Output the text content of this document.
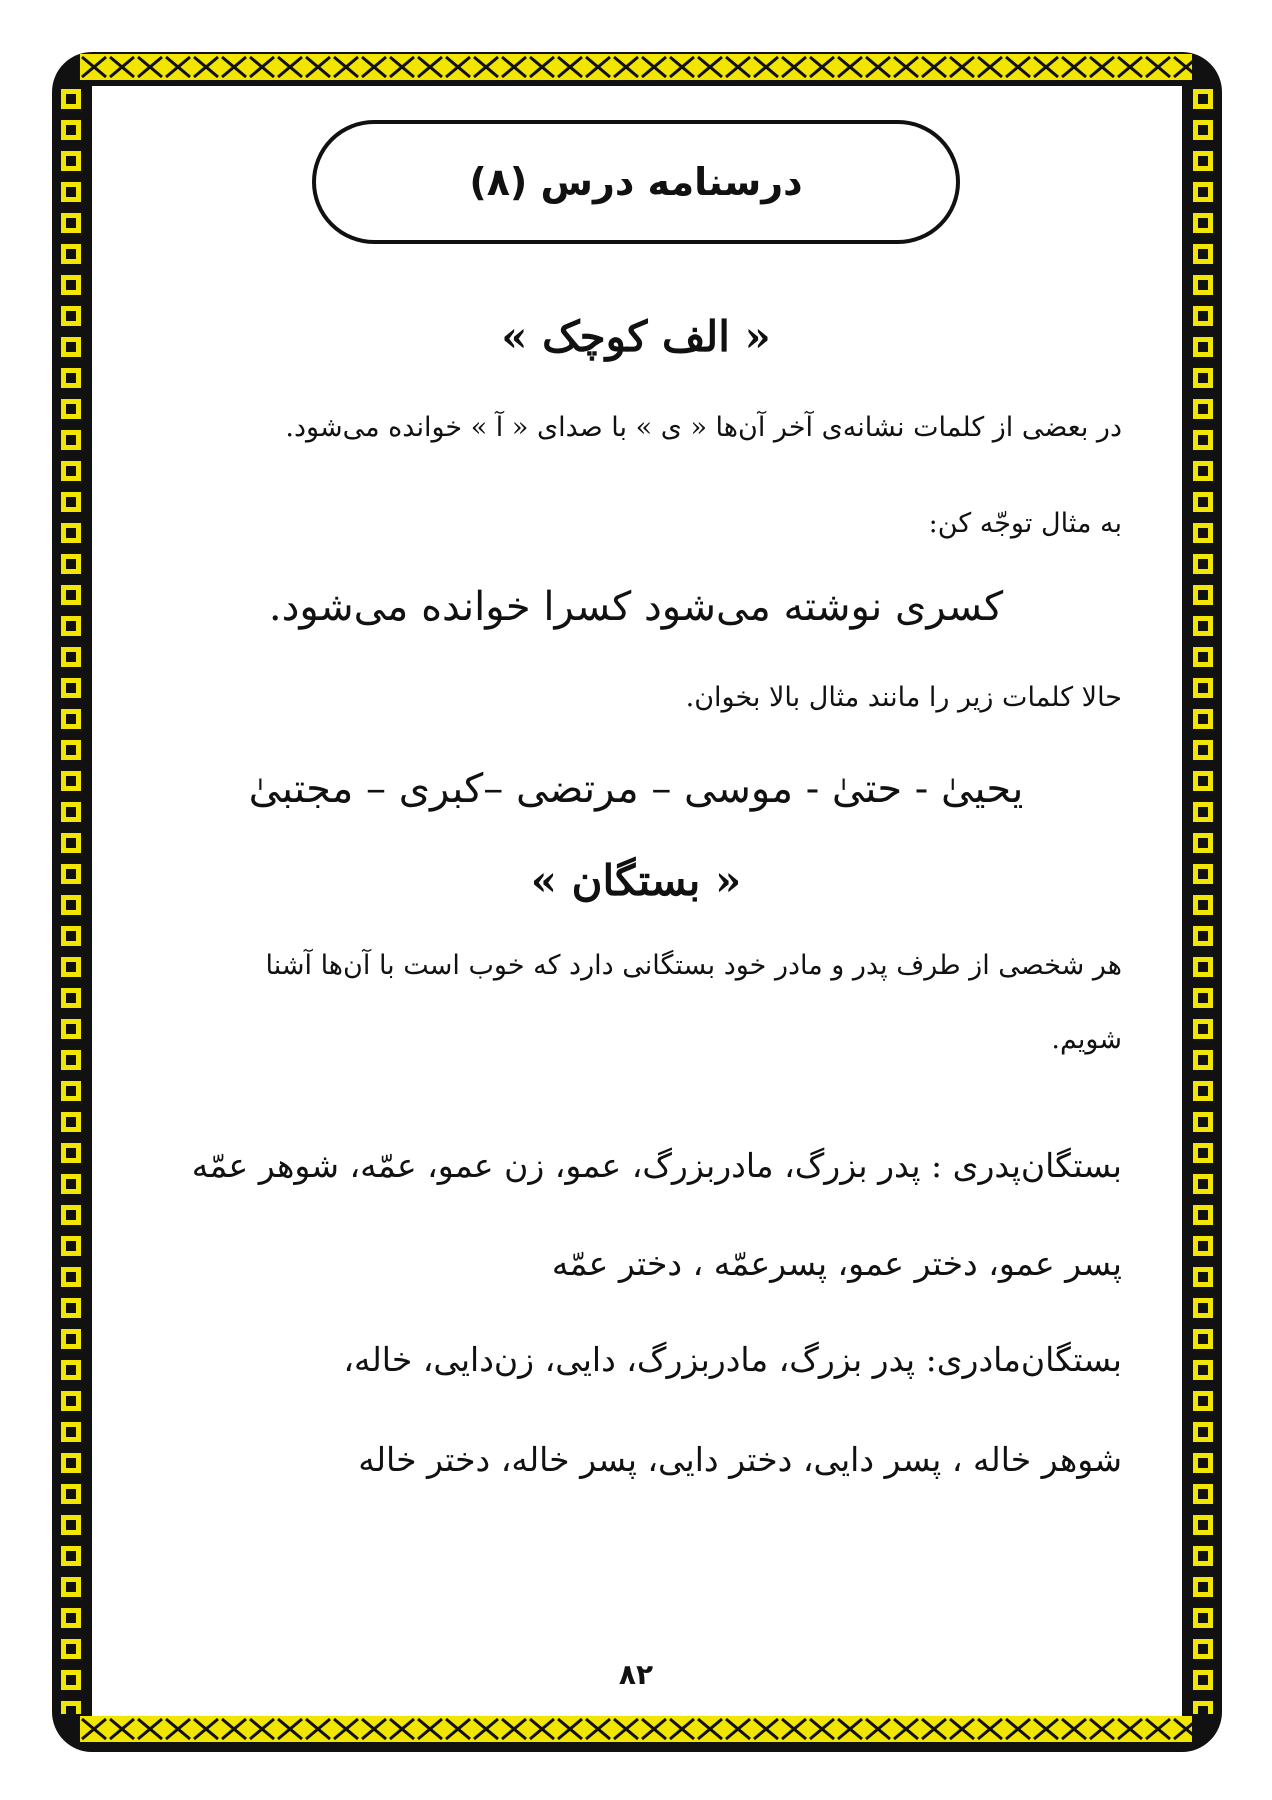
درسنامه درس (۸)
« الف کوچک »
در بعضی از کلمات نشانه‌ی آخر آن‌ها « ی » با صدای « آ » خوانده می‌شود.
به مثال توجّه کن:
کسری نوشته می‌شود کسرا خوانده می‌شود.
حالا کلمات زیر را مانند مثال بالا بخوان.
یحییٰ - حتیٰ - موسی – مرتضی –کبری – مجتبیٰ
« بستگان »
هر شخصی از طرف پدر و مادر خود بستگانی دارد که خوب است با آن‌ها آشنا
شویم.
بستگان‌پدری : پدر بزرگ، مادربزرگ، عمو، زن عمو، عمّه، شوهر عمّه
پسر عمو، دختر عمو، پسرعمّه ، دختر عمّه
بستگان‌مادری: پدر بزرگ، مادربزرگ، دایی، زن‌دایی، خاله،
شوهر خاله ، پسر دایی، دختر دایی، پسر خاله، دختر خاله
۸۲
